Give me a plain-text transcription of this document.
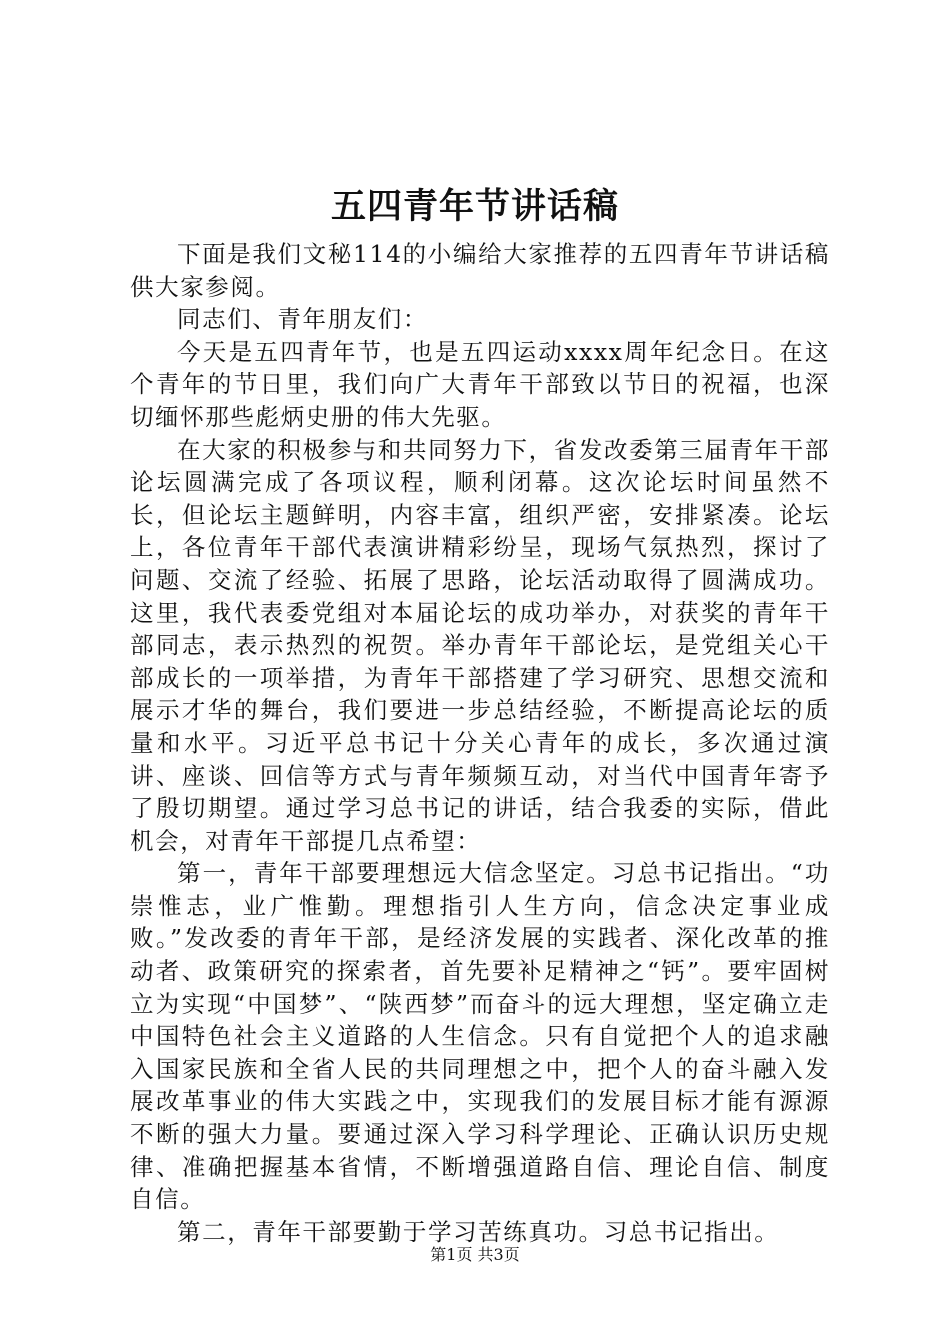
五四青年节讲话稿

下面是我们文秘114的小编给大家推荐的五四青年节讲话稿供大家参阅。

同志们、青年朋友们：

今天是五四青年节，也是五四运动xxxx周年纪念日。在这个青年的节日里，我们向广大青年干部致以节日的祝福，也深切缅怀那些彪炳史册的伟大先驱。

在大家的积极参与和共同努力下，省发改委第三届青年干部论坛圆满完成了各项议程，顺利闭幕。这次论坛时间虽然不长，但论坛主题鲜明，内容丰富，组织严密，安排紧凑。论坛上，各位青年干部代表演讲精彩纷呈，现场气氛热烈，探讨了问题、交流了经验、拓展了思路，论坛活动取得了圆满成功。这里，我代表委党组对本届论坛的成功举办，对获奖的青年干部同志，表示热烈的祝贺。举办青年干部论坛，是党组关心干部成长的一项举措，为青年干部搭建了学习研究、思想交流和展示才华的舞台，我们要进一步总结经验，不断提高论坛的质量和水平。习近平总书记十分关心青年的成长，多次通过演讲、座谈、回信等方式与青年频频互动，对当代中国青年寄予了殷切期望。通过学习总书记的讲话，结合我委的实际，借此机会，对青年干部提几点希望：

第一，青年干部要理想远大信念坚定。习总书记指出。“功崇惟志，业广惟勤。理想指引人生方向，信念决定事业成败。”发改委的青年干部，是经济发展的实践者、深化改革的推动者、政策研究的探索者，首先要补足精神之“钙”。要牢固树立为实现“中国梦”、“陕西梦”而奋斗的远大理想，坚定确立走中国特色社会主义道路的人生信念。只有自觉把个人的追求融入国家民族和全省人民的共同理想之中，把个人的奋斗融入发展改革事业的伟大实践之中，实现我们的发展目标才能有源源不断的强大力量。要通过深入学习科学理论、正确认识历史规律、准确把握基本省情，不断增强道路自信、理论自信、制度自信。

第二，青年干部要勤于学习苦练真功。习总书记指出。

第1页 共3页
